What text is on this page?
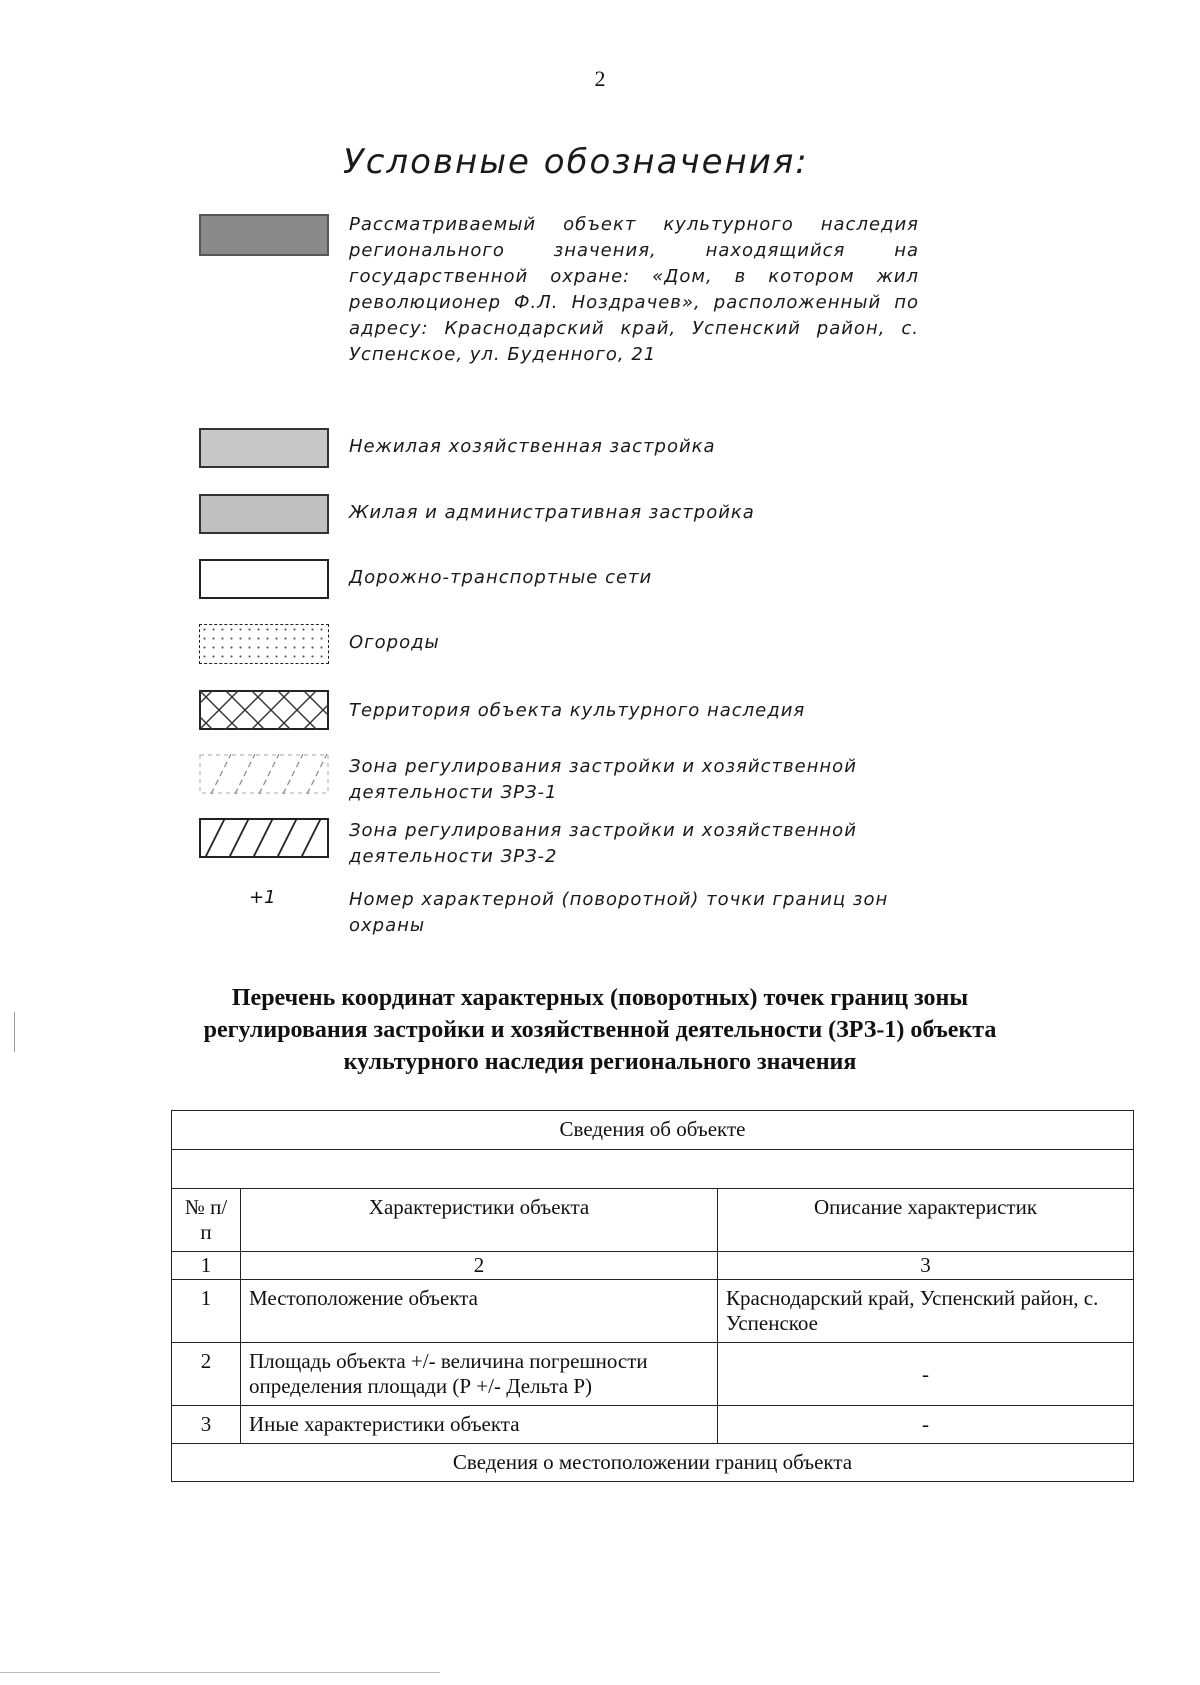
2
Условные обозначения:
Рассматриваемый объект культурного наследия регионального значения, находящийся на государственной охране: «Дом, в котором жил революционер Ф.Л. Ноздрачев», расположенный по адресу: Краснодарский край, Успенский район, с. Успенское, ул. Буденного, 21
Нежилая хозяйственная застройка
Жилая и административная застройка
Дорожно-транспортные сети
Огороды
Территория объекта культурного наследия
Зона регулирования застройки и хозяйственной деятельности ЗРЗ-1
Зона регулирования застройки и хозяйственной деятельности ЗРЗ-2
+1	Номер характерной (поворотной) точки границ зон охраны
Перечень координат характерных (поворотных) точек границ зоны регулирования застройки и хозяйственной деятельности (ЗРЗ-1) объекта культурного наследия регионального значения
Сведения об объекте		

№ п/п	Характеристики объекта	Описание характеристик
1	2	3
1	Местоположение объекта	Краснодарский край, Успенский район, с. Успенское
2	Площадь объекта +/- величина погрешности определения площади (Р +/- Дельта Р)	-
3	Иные характеристики объекта	-
Сведения о местоположении границ объекта		
